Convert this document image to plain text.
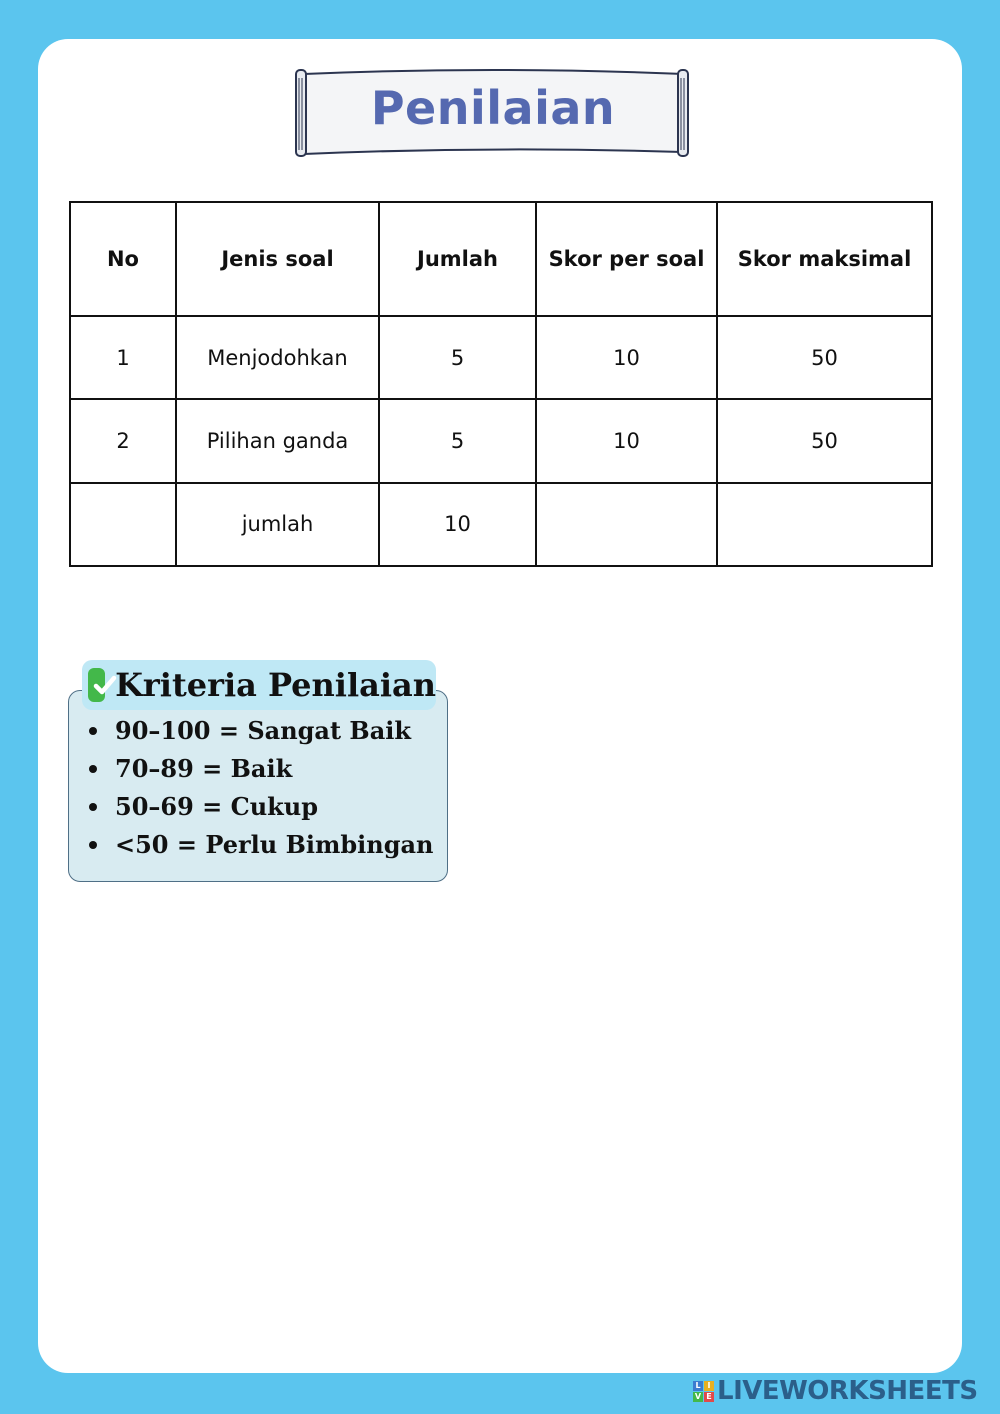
Penilaian
No	Jenis soal	Jumlah	Skor per soal	Skor maksimal
1	Menjodohkan	5	10	50
2	Pilihan ganda	5	10	50
	jumlah	10		
Kriteria Penilaian
90–100 = Sangat Baik
70–89 = Baik
50–69 = Cukup
<50 = Perlu Bimbingan
L I
V E LIVEWORKSHEETS
